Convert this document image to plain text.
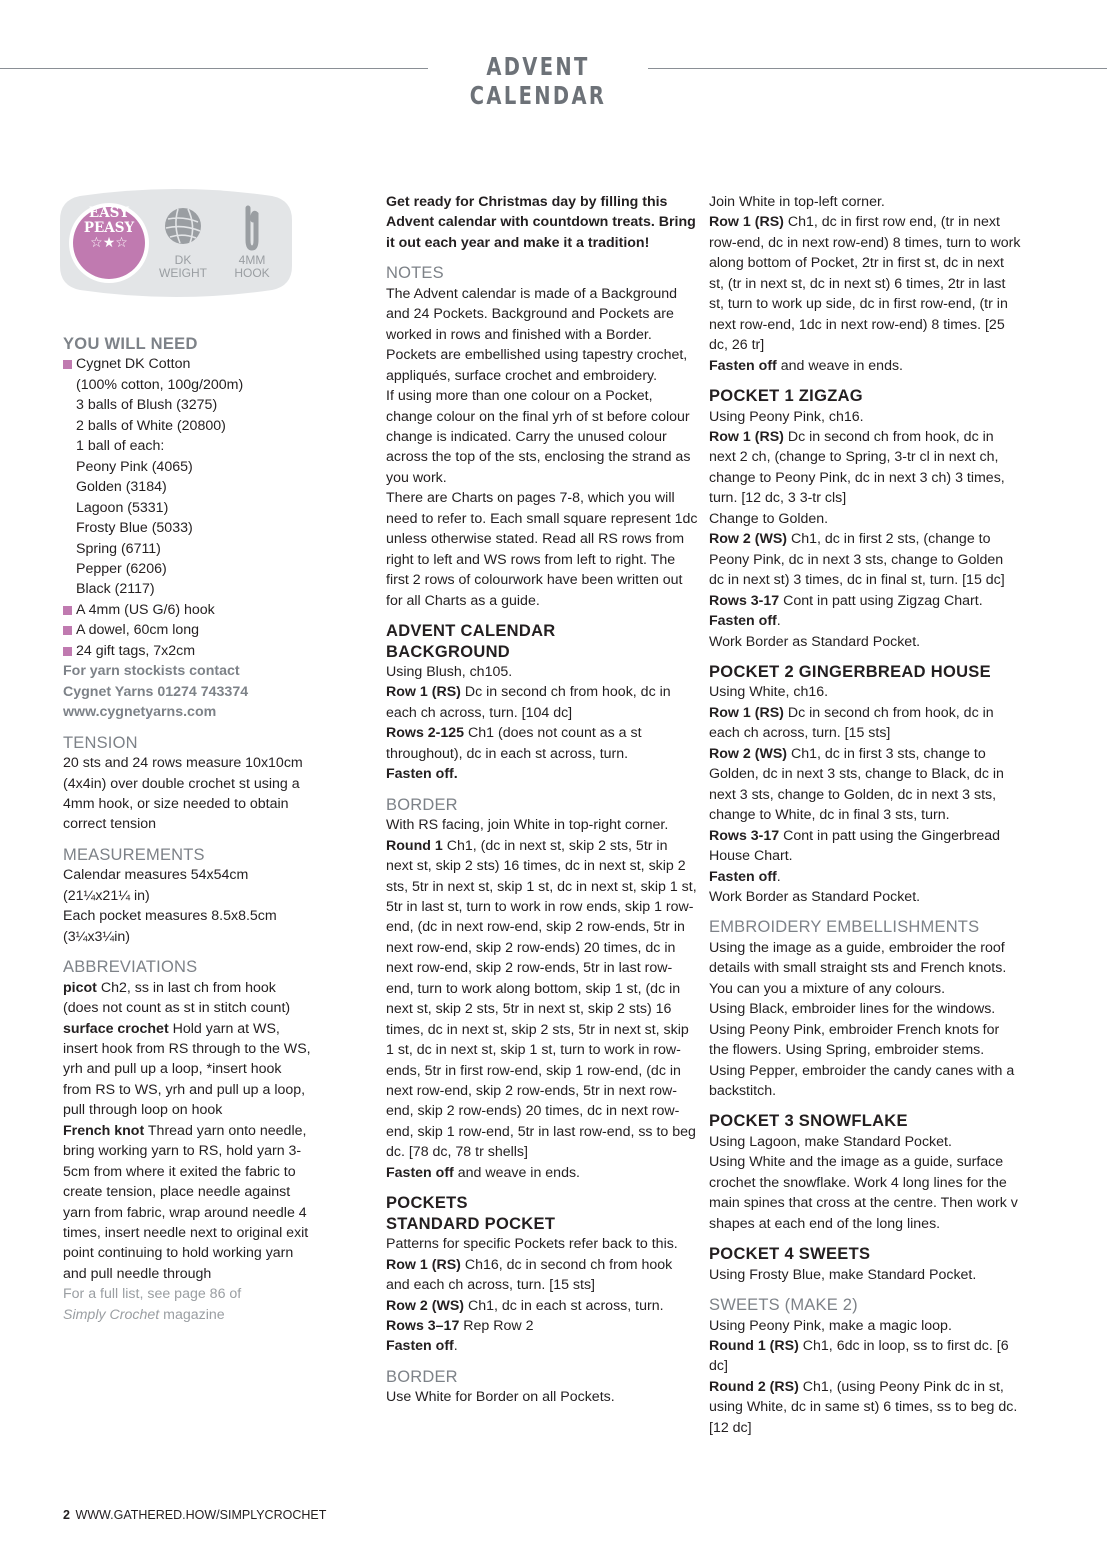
ADVENT CALENDAR
EASY
PEASY
☆★☆
DK
WEIGHT
4MM
HOOK

YOU WILL NEED

Cygnet DK Cotton

(100% cotton, 100g/200m)

3 balls of Blush (3275)

2 balls of White (20800)

1 ball of each:

Peony Pink (4065)

Golden (3184)

Lagoon (5331)

Frosty Blue (5033)

Spring (6711)

Pepper (6206)

Black (2117)

A 4mm (US G/6) hook

A dowel, 60cm long

24 gift tags, 7x2cm

For yarn stockists contact

Cygnet Yarns 01274 743374

www.cygnetyarns.com

TENSION

20 sts and 24 rows measure 10x10cm (4x4in) over double crochet st using a 4mm hook, or size needed to obtain correct tension

MEASUREMENTS

Calendar measures 54x54cm

(21¼x21¼ in)

Each pocket measures 8.5x8.5cm

(3¼x3¼in)

ABBREVIATIONS

picot Ch2, ss in last ch from hook (does not count as st in stitch count)

surface crochet Hold yarn at WS, insert hook from RS through to the WS, yrh and pull up a loop, *insert hook from RS to WS, yrh and pull up a loop, pull through loop on hook

French knot Thread yarn onto needle, bring working yarn to RS, hold yarn 3-5cm from where it exited the fabric to create tension, place needle against yarn from fabric, wrap around needle 4 times, insert needle next to original exit point continuing to hold working yarn and pull needle through

For a full list, see page 86 of
Simply Crochet magazine

Get ready for Christmas day by filling this Advent calendar with countdown treats. Bring it out each year and make it a tradition!

NOTES

The Advent calendar is made of a Background and 24 Pockets. Background and Pockets are worked in rows and finished with a Border. Pockets are embellished using tapestry crochet, appliqués, surface crochet and embroidery.

If using more than one colour on a Pocket, change colour on the final yrh of st before colour change is indicated. Carry the unused colour across the top of the sts, enclosing the strand as you work.

There are Charts on pages 7-8, which you will need to refer to. Each small square represent 1dc unless otherwise stated. Read all RS rows from right to left and WS rows from left to right. The first 2 rows of colourwork have been written out for all Charts as a guide.

ADVENT CALENDAR

BACKGROUND

Using Blush, ch105.

Row 1 (RS) Dc in second ch from hook, dc in each ch across, turn. [104 dc]

Rows 2-125 Ch1 (does not count as a st throughout), dc in each st across, turn.

Fasten off.

BORDER

With RS facing, join White in top-right corner.

Round 1 Ch1, (dc in next st, skip 2 sts, 5tr in next st, skip 2 sts) 16 times, dc in next st, skip 2 sts, 5tr in next st, skip 1 st, dc in next st, skip 1 st, 5tr in last st, turn to work in row ends, skip 1 row-end, (dc in next row-end, skip 2 row-ends, 5tr in next row-end, skip 2 row-ends) 20 times, dc in next row-end, skip 2 row-ends, 5tr in last row-end, turn to work along bottom, skip 1 st, (dc in next st, skip 2 sts, 5tr in next st, skip 2 sts) 16 times, dc in next st, skip 2 sts, 5tr in next st, skip 1 st, dc in next st, skip 1 st, turn to work in row-ends, 5tr in first row-end, skip 1 row-end, (dc in next row-end, skip 2 row-ends, 5tr in next row-end, skip 2 row-ends) 20 times, dc in next row-end, skip 1 row-end, 5tr in last row-end, ss to beg dc. [78 dc, 78 tr shells]

Fasten off and weave in ends.

POCKETS

STANDARD POCKET

Patterns for specific Pockets refer back to this.

Row 1 (RS) Ch16, dc in second ch from hook and each ch across, turn. [15 sts]

Row 2 (WS) Ch1, dc in each st across, turn.

Rows 3–17 Rep Row 2

Fasten off.

BORDER

Use White for Border on all Pockets.

Join White in top-left corner.

Row 1 (RS) Ch1, dc in first row end, (tr in next row-end, dc in next row-end) 8 times, turn to work along bottom of Pocket, 2tr in first st, dc in next st, (tr in next st, dc in next st) 6 times, 2tr in last st, turn to work up side, dc in first row-end, (tr in next row-end, 1dc in next row-end) 8 times. [25 dc, 26 tr]

Fasten off and weave in ends.

POCKET 1 ZIGZAG

Using Peony Pink, ch16.

Row 1 (RS) Dc in second ch from hook, dc in next 2 ch, (change to Spring, 3-tr cl in next ch, change to Peony Pink, dc in next 3 ch) 3 times, turn. [12 dc, 3 3-tr cls]

Change to Golden.

Row 2 (WS) Ch1, dc in first 2 sts, (change to Peony Pink, dc in next 3 sts, change to Golden dc in next st) 3 times, dc in final st, turn. [15 dc]

Rows 3-17 Cont in patt using Zigzag Chart.

Fasten off.

Work Border as Standard Pocket.

POCKET 2 GINGERBREAD HOUSE

Using White, ch16.

Row 1 (RS) Dc in second ch from hook, dc in each ch across, turn. [15 sts]

Row 2 (WS) Ch1, dc in first 3 sts, change to Golden, dc in next 3 sts, change to Black, dc in next 3 sts, change to Golden, dc in next 3 sts, change to White, dc in final 3 sts, turn.

Rows 3-17 Cont in patt using the Gingerbread House Chart.

Fasten off.

Work Border as Standard Pocket.

EMBROIDERY EMBELLISHMENTS

Using the image as a guide, embroider the roof details with small straight sts and French knots. You can you a mixture of any colours.

Using Black, embroider lines for the windows.

Using Peony Pink, embroider French knots for the flowers. Using Spring, embroider stems.

Using Pepper, embroider the candy canes with a backstitch.

POCKET 3 SNOWFLAKE

Using Lagoon, make Standard Pocket.

Using White and the image as a guide, surface crochet the snowflake. Work 4 long lines for the main spines that cross at the centre. Then work v shapes at each end of the long lines.

POCKET 4 SWEETS

Using Frosty Blue, make Standard Pocket.

SWEETS (MAKE 2)

Using Peony Pink, make a magic loop.

Round 1 (RS) Ch1, 6dc in loop, ss to first dc. [6 dc]

Round 2 (RS) Ch1, (using Peony Pink dc in st, using White, dc in same st) 6 times, ss to beg dc. [12 dc]

2 WWW.GATHERED.HOW/SIMPLYCROCHET
